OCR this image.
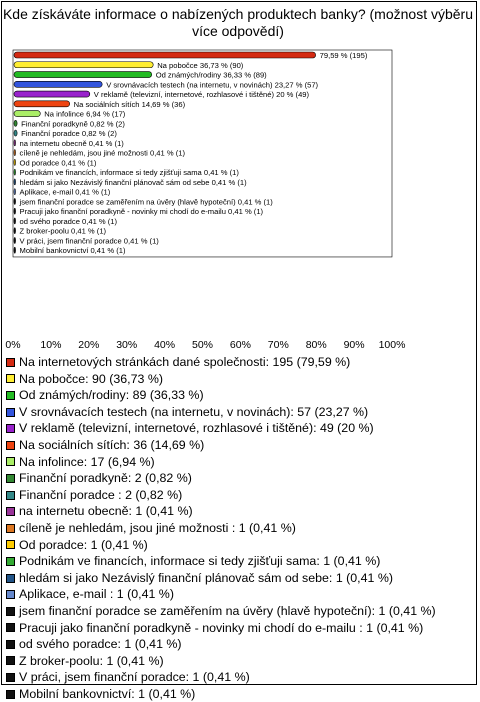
Kde získáváte informace o nabízených produktech banky? (možnost výběru více odpovědí)
79,59 % (195)
Na pobočce 36,73 % (90)
Od známých/rodiny 36,33 % (89)
V srovnávacích testech (na internetu, v novinách) 23,27 % (57)
V reklamě (televizní, internetové, rozhlasové i tištěné) 20 % (49)
Na sociálních sítích 14,69 % (36)
Na infolince 6,94 % (17)
Finanční poradkyně 0,82 % (2)
Finanční poradce 0,82 % (2)
na internetu obecně 0,41 % (1)
cíleně je nehledám, jsou jiné možnosti 0,41 % (1)
Od poradce 0,41 % (1)
Podnikám ve financích, informace si tedy zjišťuji sama 0,41 % (1)
hledám si jako Nezávislý finanční plánovač sám od sebe 0,41 % (1)
Aplikace, e-mail 0,41 % (1)
jsem finanční poradce se zaměřením na úvěry (hlavě hypoteční) 0,41 % (1)
Pracuji jako finanční poradkyně - novinky mi chodí do e-mailu 0,41 % (1)
od svého poradce 0,41 % (1)
Z broker-poolu 0,41 % (1)
V práci, jsem finanční poradce 0,41 % (1)
Mobilní bankovnictví 0,41 % (1)
0% 10% 20% 30% 40% 50% 60% 70% 80% 90% 100%
Na internetových stránkách dané společnosti: 195 (79,59 %)
Na pobočce: 90 (36,73 %)
Od známých/rodiny: 89 (36,33 %)
V srovnávacích testech (na internetu, v novinách): 57 (23,27 %)
V reklamě (televizní, internetové, rozhlasové i tištěné): 49 (20 %)
Na sociálních sítích: 36 (14,69 %)
Na infolince: 17 (6,94 %)
Finanční poradkyně: 2 (0,82 %)
Finanční poradce : 2 (0,82 %)
na internetu obecně: 1 (0,41 %)
cíleně je nehledám, jsou jiné možnosti : 1 (0,41 %)
Od poradce: 1 (0,41 %)
Podnikám ve financích, informace si tedy zjišťuji sama: 1 (0,41 %)
hledám si jako Nezávislý finanční plánovač sám od sebe: 1 (0,41 %)
Aplikace, e-mail : 1 (0,41 %)
jsem finanční poradce se zaměřením na úvěry (hlavě hypoteční): 1 (0,41 %)
Pracuji jako finanční poradkyně - novinky mi chodí do e-mailu : 1 (0,41 %)
od svého poradce: 1 (0,41 %)
Z broker-poolu: 1 (0,41 %)
V práci, jsem finanční poradce: 1 (0,41 %)
Mobilní bankovnictví: 1 (0,41 %)
